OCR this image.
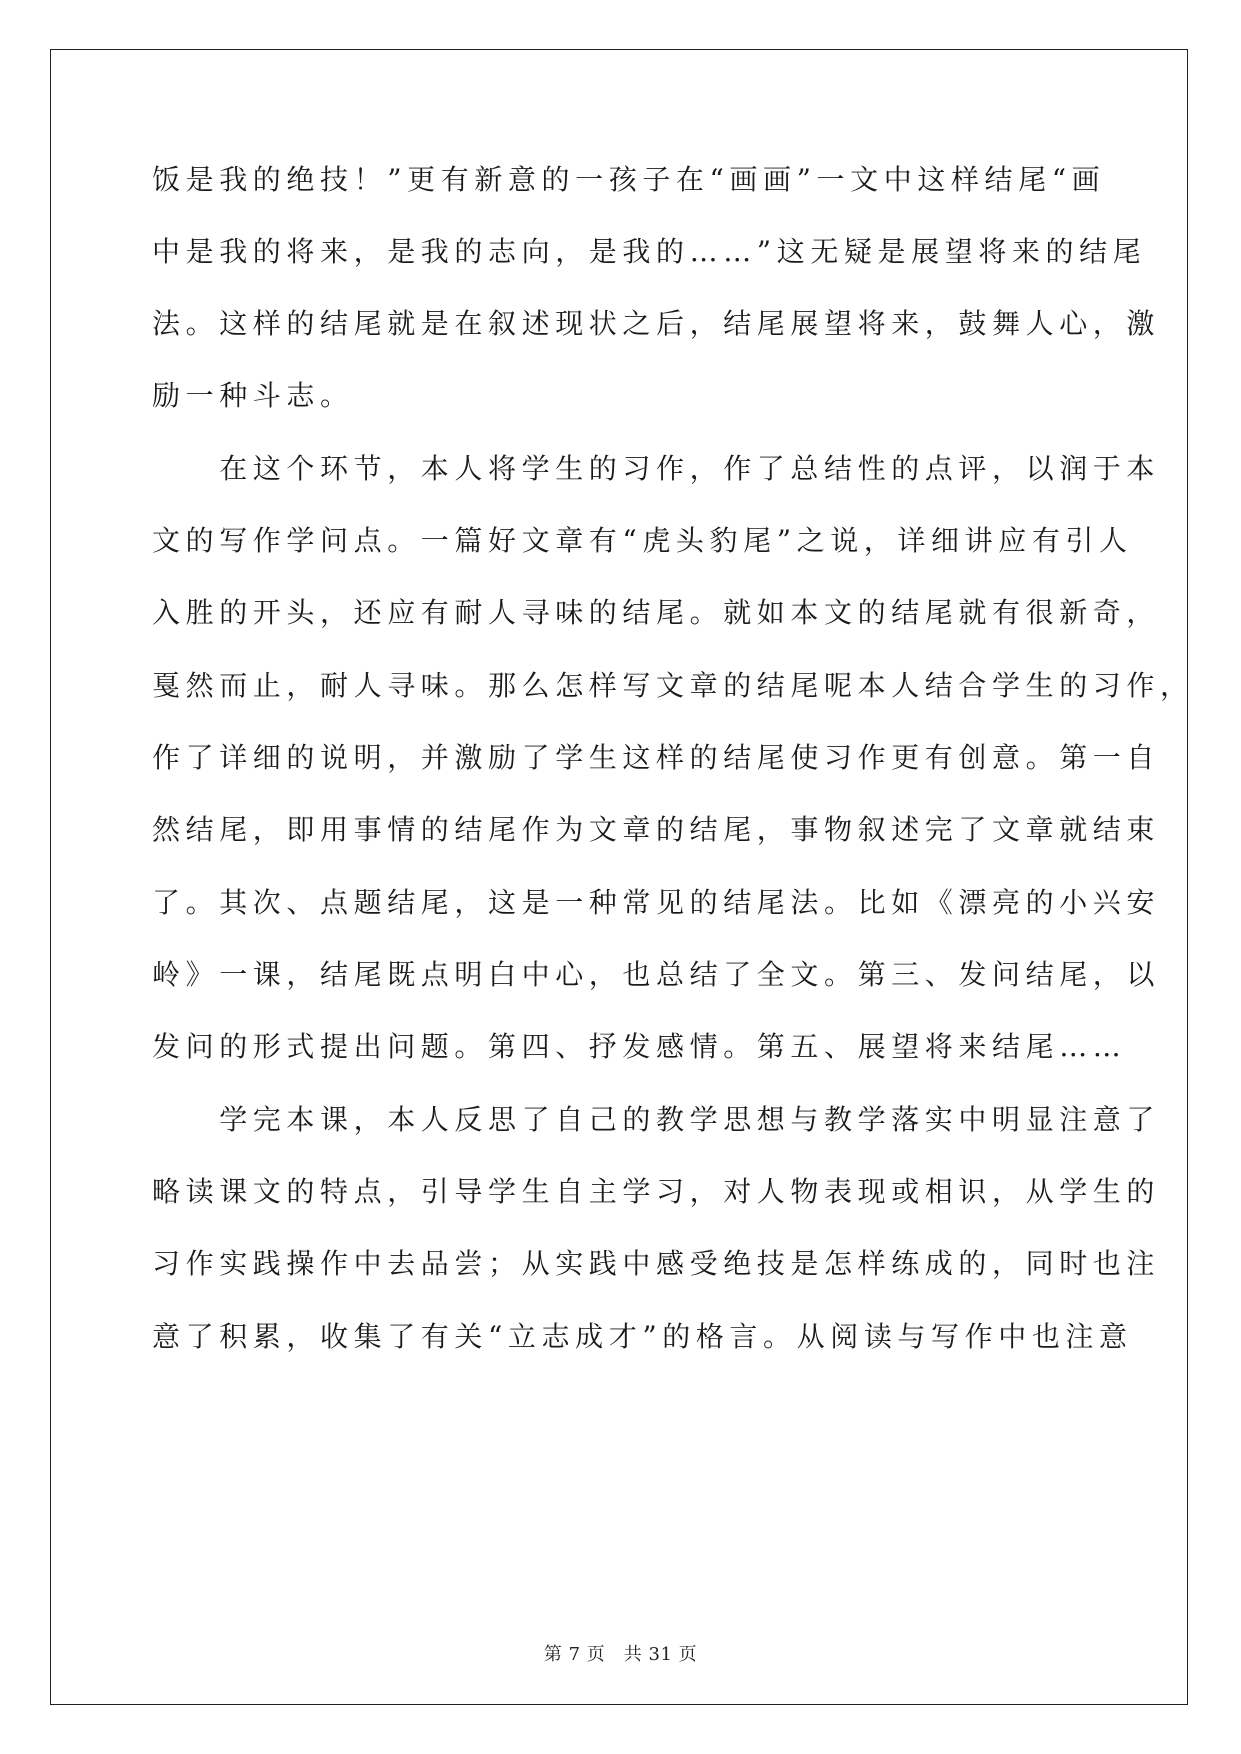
饭是我的绝技！”更有新意的一孩子在“画画”一文中这样结尾“画
中是我的将来，是我的志向，是我的……”这无疑是展望将来的结尾
法。这样的结尾就是在叙述现状之后，结尾展望将来，鼓舞人心，激
励一种斗志。
　　在这个环节，本人将学生的习作，作了总结性的点评，以润于本
文的写作学问点。一篇好文章有“虎头豹尾”之说，详细讲应有引人
入胜的开头，还应有耐人寻味的结尾。就如本文的结尾就有很新奇，
戛然而止，耐人寻味。那么怎样写文章的结尾呢本人结合学生的习作，
作了详细的说明，并激励了学生这样的结尾使习作更有创意。第一自
然结尾，即用事情的结尾作为文章的结尾，事物叙述完了文章就结束
了。其次、点题结尾，这是一种常见的结尾法。比如《漂亮的小兴安
岭》一课，结尾既点明白中心，也总结了全文。第三、发问结尾，以
发问的形式提出问题。第四、抒发感情。第五、展望将来结尾……
　　学完本课，本人反思了自己的教学思想与教学落实中明显注意了
略读课文的特点，引导学生自主学习，对人物表现或相识，从学生的
习作实践操作中去品尝；从实践中感受绝技是怎样练成的，同时也注
意了积累，收集了有关“立志成才”的格言。从阅读与写作中也注意
第 7 页　共 31 页
